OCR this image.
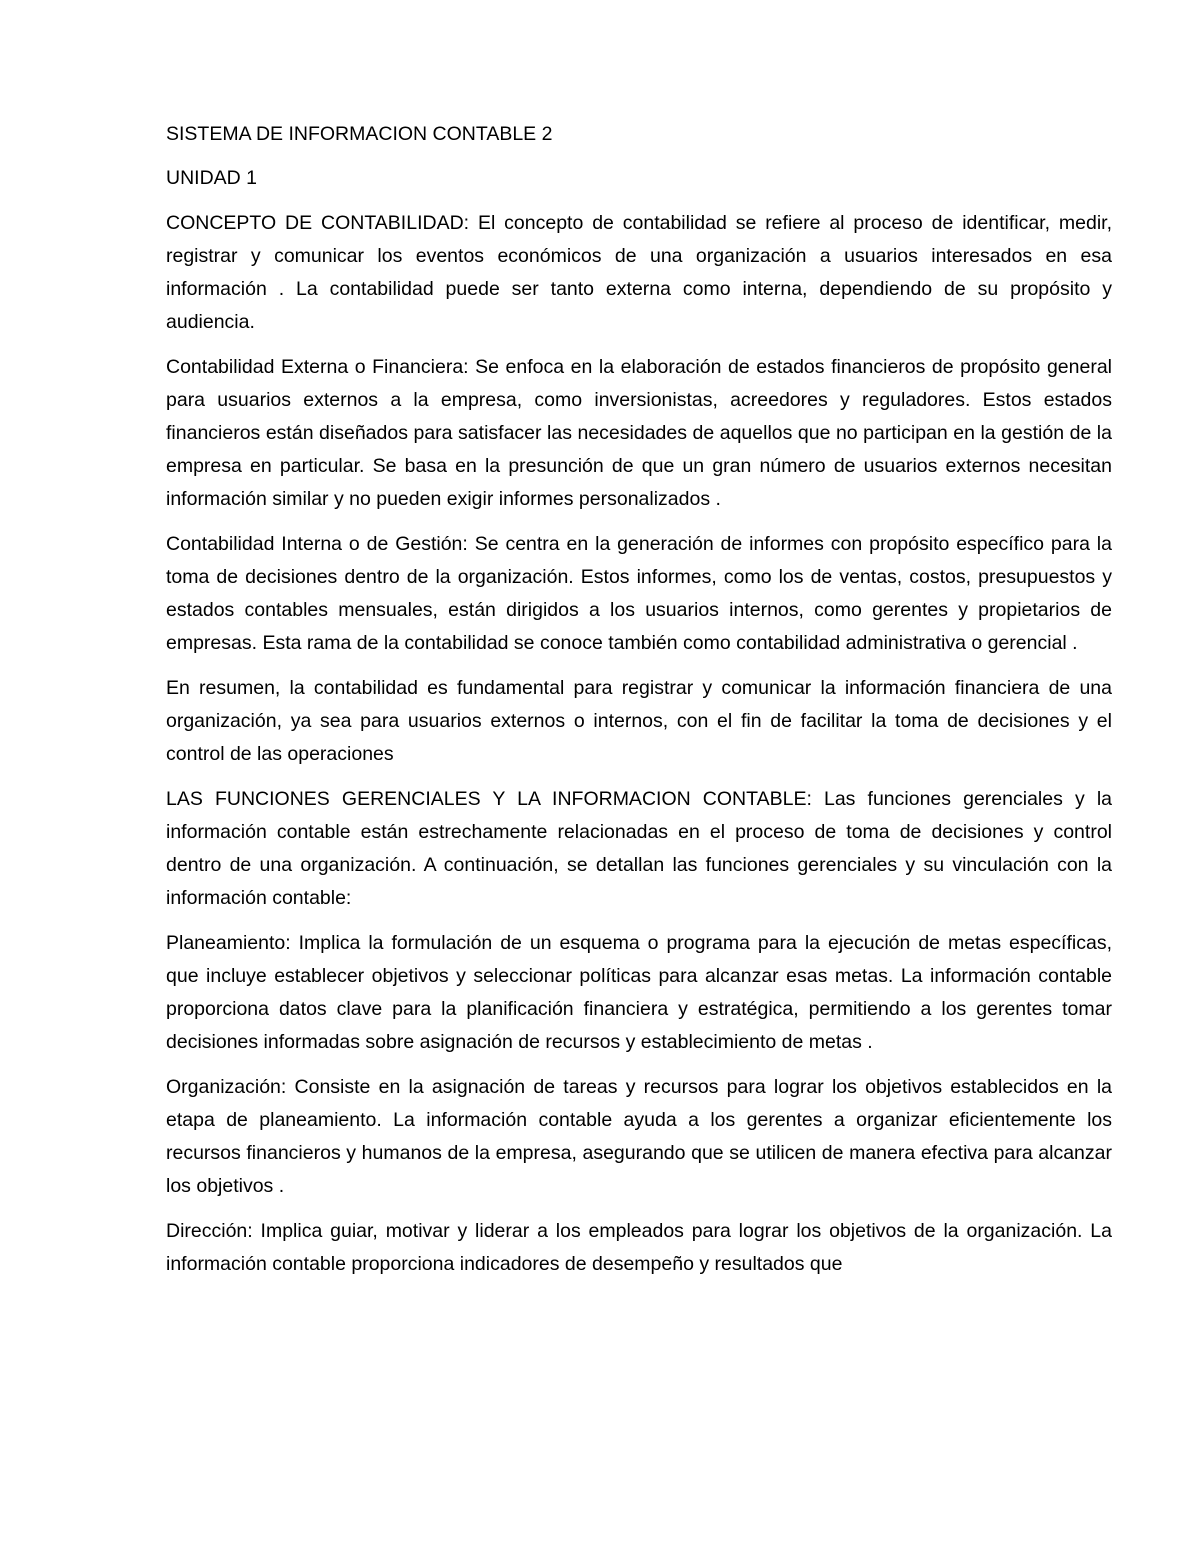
SISTEMA DE INFORMACION CONTABLE 2
UNIDAD 1

CONCEPTO DE CONTABILIDAD: El concepto de contabilidad se refiere al proceso de identificar, medir, registrar y comunicar los eventos económicos de una organización a usuarios interesados en esa información . La contabilidad puede ser tanto externa como interna, dependiendo de su propósito y audiencia.

Contabilidad Externa o Financiera: Se enfoca en la elaboración de estados financieros de propósito general para usuarios externos a la empresa, como inversionistas, acreedores y reguladores. Estos estados financieros están diseñados para satisfacer las necesidades de aquellos que no participan en la gestión de la empresa en particular. Se basa en la presunción de que un gran número de usuarios externos necesitan información similar y no pueden exigir informes personalizados .

Contabilidad Interna o de Gestión: Se centra en la generación de informes con propósito específico para la toma de decisiones dentro de la organización. Estos informes, como los de ventas, costos, presupuestos y estados contables mensuales, están dirigidos a los usuarios internos, como gerentes y propietarios de empresas. Esta rama de la contabilidad se conoce también como contabilidad administrativa o gerencial .

En resumen, la contabilidad es fundamental para registrar y comunicar la información financiera de una organización, ya sea para usuarios externos o internos, con el fin de facilitar la toma de decisiones y el control de las operaciones

LAS FUNCIONES GERENCIALES Y LA INFORMACION CONTABLE: Las funciones gerenciales y la información contable están estrechamente relacionadas en el proceso de toma de decisiones y control dentro de una organización. A continuación, se detallan las funciones gerenciales y su vinculación con la información contable:

Planeamiento: Implica la formulación de un esquema o programa para la ejecución de metas específicas, que incluye establecer objetivos y seleccionar políticas para alcanzar esas metas. La información contable proporciona datos clave para la planificación financiera y estratégica, permitiendo a los gerentes tomar decisiones informadas sobre asignación de recursos y establecimiento de metas .

Organización: Consiste en la asignación de tareas y recursos para lograr los objetivos establecidos en la etapa de planeamiento. La información contable ayuda a los gerentes a organizar eficientemente los recursos financieros y humanos de la empresa, asegurando que se utilicen de manera efectiva para alcanzar los objetivos .

Dirección: Implica guiar, motivar y liderar a los empleados para lograr los objetivos de la organización. La información contable proporciona indicadores de desempeño y resultados que
